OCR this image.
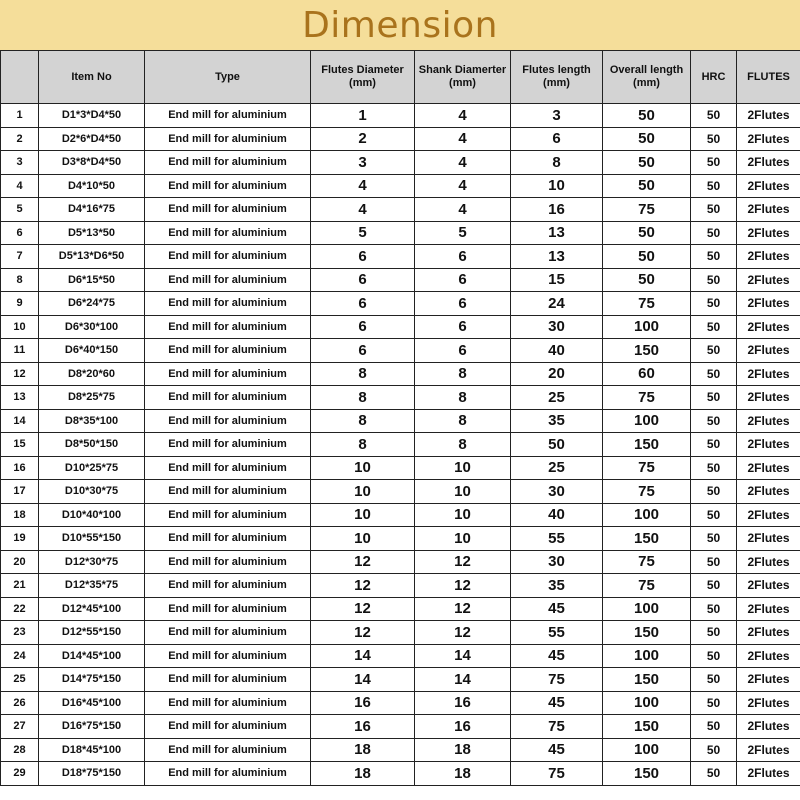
Dimension
	Item No	Type	Flutes Diameter (mm)	Shank Diamerter (mm)	Flutes length (mm)	Overall length (mm)	HRC	FLUTES
1	D1*3*D4*50	End mill for aluminium	1	4	3	50	50	2Flutes
2	D2*6*D4*50	End mill for aluminium	2	4	6	50	50	2Flutes
3	D3*8*D4*50	End mill for aluminium	3	4	8	50	50	2Flutes
4	D4*10*50	End mill for aluminium	4	4	10	50	50	2Flutes
5	D4*16*75	End mill for aluminium	4	4	16	75	50	2Flutes
6	D5*13*50	End mill for aluminium	5	5	13	50	50	2Flutes
7	D5*13*D6*50	End mill for aluminium	6	6	13	50	50	2Flutes
8	D6*15*50	End mill for aluminium	6	6	15	50	50	2Flutes
9	D6*24*75	End mill for aluminium	6	6	24	75	50	2Flutes
10	D6*30*100	End mill for aluminium	6	6	30	100	50	2Flutes
11	D6*40*150	End mill for aluminium	6	6	40	150	50	2Flutes
12	D8*20*60	End mill for aluminium	8	8	20	60	50	2Flutes
13	D8*25*75	End mill for aluminium	8	8	25	75	50	2Flutes
14	D8*35*100	End mill for aluminium	8	8	35	100	50	2Flutes
15	D8*50*150	End mill for aluminium	8	8	50	150	50	2Flutes
16	D10*25*75	End mill for aluminium	10	10	25	75	50	2Flutes
17	D10*30*75	End mill for aluminium	10	10	30	75	50	2Flutes
18	D10*40*100	End mill for aluminium	10	10	40	100	50	2Flutes
19	D10*55*150	End mill for aluminium	10	10	55	150	50	2Flutes
20	D12*30*75	End mill for aluminium	12	12	30	75	50	2Flutes
21	D12*35*75	End mill for aluminium	12	12	35	75	50	2Flutes
22	D12*45*100	End mill for aluminium	12	12	45	100	50	2Flutes
23	D12*55*150	End mill for aluminium	12	12	55	150	50	2Flutes
24	D14*45*100	End mill for aluminium	14	14	45	100	50	2Flutes
25	D14*75*150	End mill for aluminium	14	14	75	150	50	2Flutes
26	D16*45*100	End mill for aluminium	16	16	45	100	50	2Flutes
27	D16*75*150	End mill for aluminium	16	16	75	150	50	2Flutes
28	D18*45*100	End mill for aluminium	18	18	45	100	50	2Flutes
29	D18*75*150	End mill for aluminium	18	18	75	150	50	2Flutes
